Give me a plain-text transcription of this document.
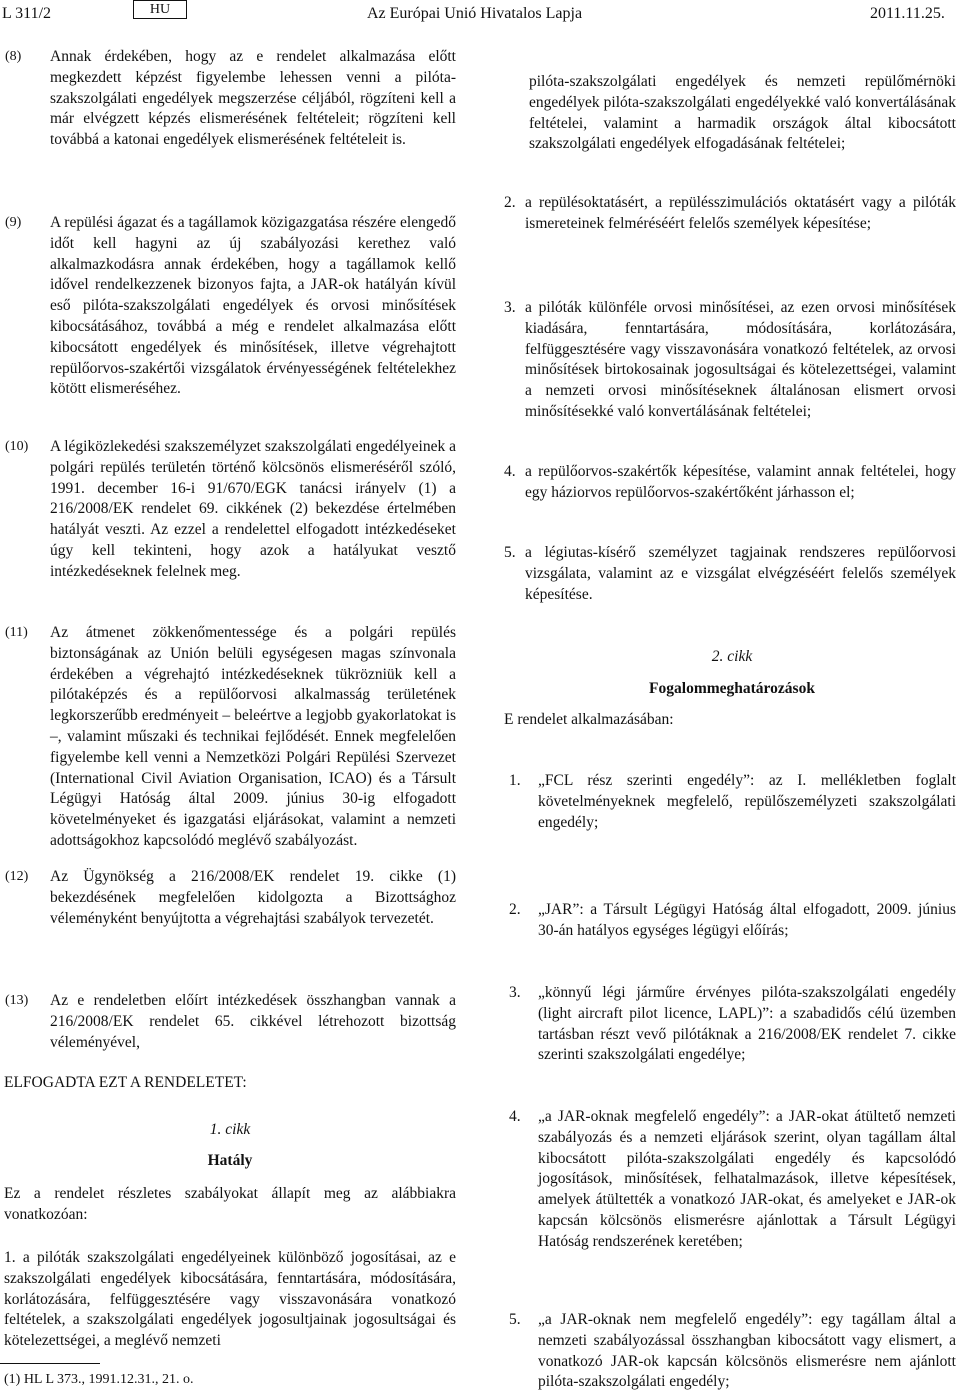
L 311/2	HU	Az Európai Unió Hivatalos Lapja	2011.11.25.
(8) Annak érdekében, hogy az e rendelet alkalmazása előtt megkezdett képzést figyelembe lehessen venni a pilóta-szakszolgálati engedélyek megszerzése céljából, rögzíteni kell a már elvégzett képzés elismerésének feltételeit; rögzíteni kell továbbá a katonai engedélyek elismerésének feltételeit is.

(9) A repülési ágazat és a tagállamok közigazgatása részére elengedő időt kell hagyni az új szabályozási kerethez való alkalmazkodásra annak érdekében, hogy a tagállamok kellő idővel rendelkezzenek bizonyos fajta, a JAR-ok hatályán kívül eső pilóta-szakszolgálati engedélyek és orvosi minősítések kibocsátásához, továbbá a még e rendelet alkalmazása előtt kibocsátott engedélyek és minősítések, illetve végrehajtott repülőorvos-szakértői vizsgálatok érvényességének feltételekhez kötött elismeréséhez.

(10) A légiközlekedési szakszemélyzet szakszolgálati engedélyeinek a polgári repülés területén történő kölcsönös elismeréséről szóló, 1991. december 16-i 91/670/EGK tanácsi irányelv (1) a 216/2008/EK rendelet 69. cikkének (2) bekezdése értelmében hatályát veszti. Az ezzel a rendelettel elfogadott intézkedéseket úgy kell tekinteni, hogy azok a hatályukat vesztő intézkedéseknek felelnek meg.

(11) Az átmenet zökkenőmentessége és a polgári repülés biztonságának az Unión belüli egységesen magas színvonala érdekében a végrehajtó intézkedéseknek tükrözniük kell a pilótaképzés és a repülőorvosi alkalmasság területének legkorszerűbb eredményeit – beleértve a legjobb gyakorlatokat is –, valamint műszaki és technikai fejlődését. Ennek megfelelően figyelembe kell venni a Nemzetközi Polgári Repülési Szervezet (International Civil Aviation Organisation, ICAO) és a Társult Légügyi Hatóság által 2009. június 30-ig elfogadott követelményeket és igazgatási eljárásokat, valamint a nemzeti adottságokhoz kapcsolódó meglévő szabályozást.

(12) Az Ügynökség a 216/2008/EK rendelet 19. cikke (1) bekezdésének megfelelően kidolgozta a Bizottsághoz véleményként benyújtotta a végrehajtási szabályok tervezetét.

(13) Az e rendeletben előírt intézkedések összhangban vannak a 216/2008/EK rendelet 65. cikkével létrehozott bizottság véleményével,

ELFOGADTA EZT A RENDELETET:
1. cikk
Hatály

Ez a rendelet részletes szabályokat állapít meg az alábbiakra vonatkozóan:

1. a pilóták szakszolgálati engedélyeinek különböző jogosításai, az e szakszolgálati engedélyek kibocsátására, fenntartására, módosítására, korlátozására, felfüggesztésére vagy visszavonására vonatkozó feltételek, a szakszolgálati engedélyek jogosultjainak jogosultságai és kötelezettségei, a meglévő nemzeti

(1) HL L 373., 1991.12.31., 21. o.

pilóta-szakszolgálati engedélyek és nemzeti repülőmérnöki engedélyek pilóta-szakszolgálati engedélyekké való konvertálásának feltételei, valamint a harmadik országok által kibocsátott szakszolgálati engedélyek elfogadásának feltételei;

2. a repülésoktatásért, a repülésszimulációs oktatásért vagy a pilóták ismereteinek felméréséért felelős személyek képesítése;

3. a pilóták különféle orvosi minősítései, az ezen orvosi minősítések kiadására, fenntartására, módosítására, korlátozására, felfüggesztésére vagy visszavonására vonatkozó feltételek, az orvosi minősítések birtokosainak jogosultságai és kötelezettségei, valamint a nemzeti orvosi minősítéseknek általánosan elismert orvosi minősítésekké való konvertálásának feltételei;

4. a repülőorvos-szakértők képesítése, valamint annak feltételei, hogy egy háziorvos repülőorvos-szakértőként járhasson el;

5. a légiutas-kísérő személyzet tagjainak rendszeres repülőorvosi vizsgálata, valamint az e vizsgálat elvégzéséért felelős személyek képesítése.

2. cikk
Fogalommeghatározások
E rendelet alkalmazásában:
1. „FCL rész szerinti engedély”: az I. mellékletben foglalt követelményeknek megfelelő, repülőszemélyzeti szakszolgálati engedély;

2. „JAR”: a Társult Légügyi Hatóság által elfogadott, 2009. június 30-án hatályos egységes légügyi előírás;

3. „könnyű légi járműre érvényes pilóta-szakszolgálati engedély (light aircraft pilot licence, LAPL)”: a szabadidős célú üzemben tartásban részt vevő pilótáknak a 216/2008/EK rendelet 7. cikke szerinti szakszolgálati engedélye;

4. „a JAR-oknak megfelelő engedély”: a JAR-okat átültető nemzeti szabályozás és a nemzeti eljárások szerint, olyan tagállam által kibocsátott pilóta-szakszolgálati engedély és kapcsolódó jogosítások, minősítések, felhatalmazások, illetve képesítések, amelyek átültették a vonatkozó JAR-okat, és amelyeket e JAR-ok kapcsán kölcsönös elismerésre ajánlottak a Társult Légügyi Hatóság rendszerének keretében;

5. „a JAR-oknak nem megfelelő engedély”: egy tagállam által a nemzeti szabályozással összhangban kibocsátott vagy elismert, a vonatkozó JAR-ok kapcsán kölcsönös elismerésre nem ajánlott pilóta-szakszolgálati engedély;
